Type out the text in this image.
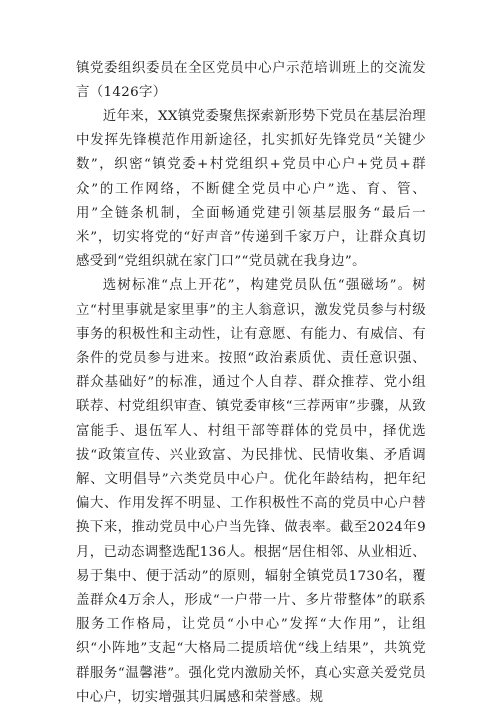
镇党委组织委员在全区党员中心户示范培训班上的交流发言（1426字）

近年来，XX镇党委聚焦探索新形势下党员在基层治理中发挥先锋模范作用新途径，扎实抓好先锋党员“关键少数”，织密“镇党委+村党组织+党员中心户+党员+群众”的工作网络，不断健全党员中心户”选、育、管、用”全链条机制，全面畅通党建引领基层服务“最后一米”，切实将党的“好声音”传递到千家万户，让群众真切感受到“党组织就在家门口”“党员就在我身边”。

选树标准“点上开花”，构建党员队伍“强磁场”。树立“村里事就是家里事”的主人翁意识，激发党员参与村级事务的积极性和主动性，让有意愿、有能力、有威信、有条件的党员参与进来。按照“政治素质优、责任意识强、群众基础好”的标准，通过个人自荐、群众推荐、党小组联荐、村党组织审查、镇党委审核“三荐两审”步骤，从致富能手、退伍军人、村组干部等群体的党员中，择优选拔“政策宣传、兴业致富、为民排忧、民情收集、矛盾调解、文明倡导”六类党员中心户。优化年龄结构，把年纪偏大、作用发挥不明显、工作积极性不高的党员中心户替换下来，推动党员中心户当先锋、做表率。截至2024年9月，已动态调整选配136人。根据“居住相邻、从业相近、易于集中、便于活动”的原则，辐射全镇党员1730名，覆盖群众4万余人，形成“一户带一片、多片带整体”的联系服务工作格局，让党员“小中心”发挥“大作用”，让组织“小阵地”支起“大格局二提质培优“线上结果”，共筑党群服务“温馨港”。强化党内激励关怀，真心实意关爱党员中心户，切实增强其归属感和荣誉感。规
